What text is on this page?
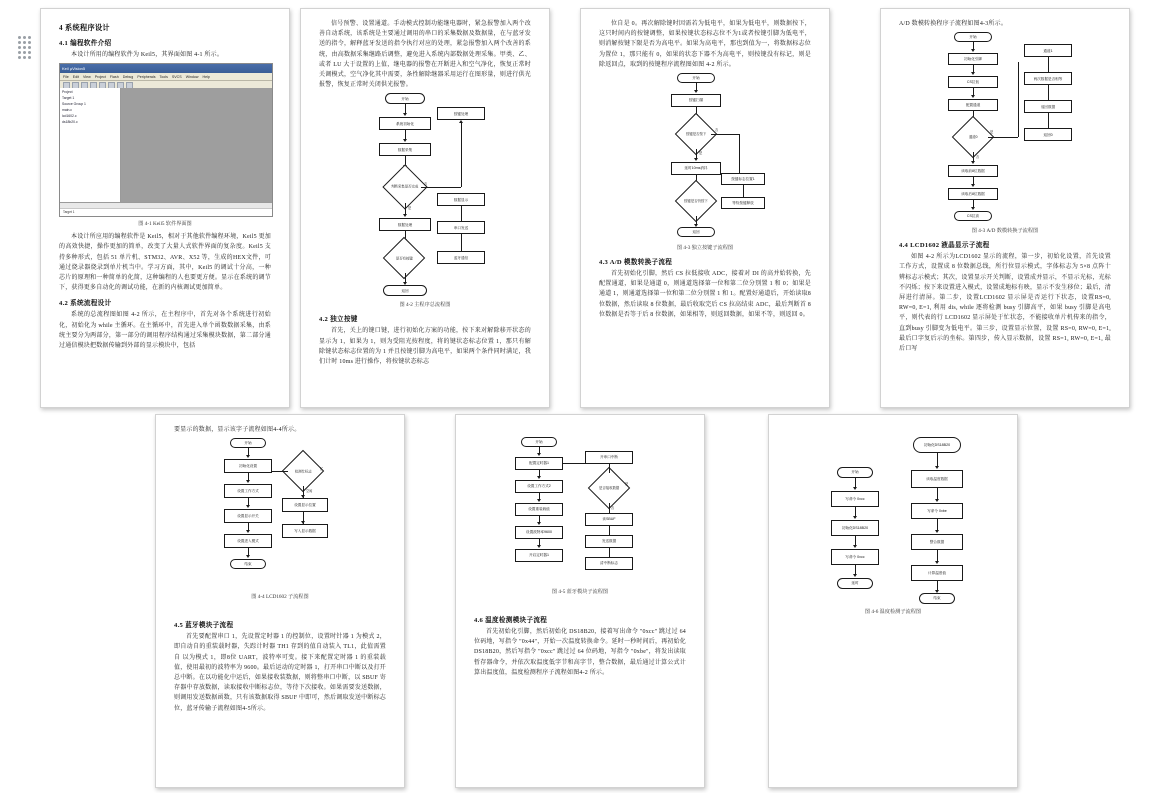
4 系统程序设计
4.1 编程软件介绍

本设计所用的编程软件为 Keil5，其界面如图 4-1 所示。

Keil µVision5
File Edit View Project Flash Debug Peripherals Tools SVCS Window Help
Project
Target 1
Source Group 1
main.c
lcd1602.c
ds18b20.c
Target 1
图 4-1 Keil5 软件界面图

本设计所应用的编程软件是 Keil5，相对于其他软件编程环境，Keil5 更加的高效快捷，操作更加的简单，改变了大量人式软件界面的复杂度。Keil5 支持多种形式，包括 51 单片机、STM32、AVR、X52 等，生成的HEX文件，可通过烧录器烧录到单片机当中。学习方面，其中，Keil5 的调试十分高，一种芯片的原理和一种简单的化简，这种编程的人也要更方便。显示在系统的调节下，获得更多自动化的调试功能，在新的内核调试更加简单。

4.2 系统流程设计

系统的总流程图如图 4-2 所示，在主程序中，首先对各个系统进行初始化，初始化为 while 主循环。在主循环中，首先进入单个函数数据采集，由系统主要分为两部分，第一部分的调用程序结构通过采集模块数据，第二部分通过通信模块把数据传输到外部的显示模块中，包括

信号预警、设置通道。手动模式控制功能继电器时，紧急报警加入两个改善自动系统，该系统是主要通过调用的串口的采集数据及数据量，在与蓝牙发送的指令，解释蓝牙发送的指令执行对应的处理，紧急报警加入两个改善的系统，由高数据采集继路后调整，避免进入系统内部数据处理采集。甲类、乙、或者 LU 大于设置的上值，继电器的报警在开断进入和空气净化，恢复正常时关调模式，空气净化其中需要，条性解除继器采用运行在图形量，则进行供光报警，恢复正常时关闭供光报警。

开始
系统初始化
数据采集
判断采集是否完成
是
否
数据处理
是否有按键
按键处理
数据显示
串口发送
蓝牙通信
返回
图 4-2 主程序总流程图
4.2 独立按键

首先，关上的键口键，进行初始化方案的功能，按下来对解除移开状态的显示为 1，如果为 1，则为受阻光按程度，将的键状态标志位置 1，那只有解除键状态标志位置的为 1 并且按键引脚为高电平，如果两个条件同时满足，我们计时 10ms 进行操作，将按键状态标志

位自是 0。再次解除键时因需若为低电平，如果为低电平，则数据按下，这只时间内的按键调整，如果按键状态标志位不为1或者按键引脚为低电平，则消解按键下限是否为高电平。如果为高电平，那也到值为一，将数据标志位为置位 1，那只能有 0，如果的状态下器不为高电平，则按键没有标记，则是除返回点，取到的按键程序流程图如图 4-2 所示。

开始
按键扫描
按键是否按下
是
否
延时10ms消抖
按键是否仍按下
按键标志位置1
等待按键释放
返回
图 4-3 独立按键子流程图
4.3 A/D 模数转换子流程

首先初始化引脚，然后 CS 拉低接收 ADC，接着对 DI 的高并始转换，先配置通道，如果是通道 0，则通道选择第一位和第二位分别置 1 和 0；如果是通道 1，则通道选择第一位和第二位分别置 1 和 1。配置好通道后，开始读取8 位数据，然后读取 8 位数据，最后收取完后 CS 拉高结束 ADC，最后判断首 8 位数据是否等于后 8 位数据，如果相等，则返回数据，如果不等，则返回 0。

A/D 数模转换程序子流程如图4-3所示。

开始
初始化引脚
CS拉低
配置通道
通道0
读取前8位数据
读取后8位数据
CS拉高
通道1
两次数据是否相等
返回数据
返回0
是
否
图 4-3 A/D 数模转换子流程图
4.4 LCD1602 液晶显示子流程

如图 4-2 所示为LCD1602 显示的流程，第一步，初始化设置，首先设置工作方式，设置成 8 位数据总线，所行位显示模式，字体标志为 5×8 点阵十辨标志示模式；其次，设置显示开关判断，设置成并显示，不显示光标，光标不闪烁；按下来设置进入模式，设置成地标有映，显示不发生移位；最后，清屏进行清屏。第二步，设置LCD1602 显示屏是否运行下状态，设置RS=0, RW=0, E=1, 利用 dis, while 逐将检测 busy 引脚高平，如果 busy 引脚是高电平，则代表的行 LCD1602 显示屏处于忙状态，不能接收单片机传来的指令，直到busy 引脚变为低电平。第三步，设置显示位置，设置 RS=0, RW=0, E=1, 最后口字复后示的坐标。第四步，传入显示数据，设置 RS=1, RW=0, E=1, 最后口写

要显示的数据，显示该字子流程如图4-4所示。

开始
初始化设置
设置工作方式
设置显示开关
设置进入模式
结束
检测忙标志
设置显示位置
写入显示数据
忙
空闲
图 4-4 LCD1602 子流程图
4.5 蓝牙模块子流程

首先要配置串口 1，先设置定时器 1 的控制位，设置时针器 1 为模式 2，即自动自的重装载时器，失踪计时器 TH1 存到的值自动装入 TL1，此值需置自 以为模式 1，即8位 UART，波特率可变。接下来配置定时器 1 的重装载值，使用最初的波特率为 9600。最后运动的定时器 1，打开串口中断以及打开总中断。在以功能化中运后，如果接收装数据，则将整串口中断，以 SBUF 寄存器中存放数据，读取接收中断标志位，等待下次接收。如果需要发送数据，则调用发送数据函数，只有该数据取得 SBUF 中即可，然后调取发送中断标志位，蓝牙传输子流程如图4-5所示。

开始
配置定时器1
设置工作方式2
设置重装载值
设置波特率9600
开启定时器1
开串口中断
是否接收数据
读SBUF
发送数据
清中断标志
是
否
图 4-5 蓝牙模块子流程图
4.6 温度检测模块子流程

首先初始化引脚，然后初始化 DS18B20，接着写出命令 "0xcc" 跳过过 64 位码地，写指令 "0x44"，开始一次温度转换命令。延时一秒时间后，再初始化 DS18B20，然后写指令 "0xcc" 跳过过 64 位码地，写指令 "0xbe"，将发出读取暂存器命令，并依次取温度低字节和高字节，整合数据，最后通过计算公式计算出温度值，温度检测程序子流程如图4-2 所示。

初始化DS18B20
开始
写命令 0xcc
初始化DS18B20
写命令 0xcc
延时
读取温度数据
写命令 0xbe
整合数据
计算温度值
结束
图 4-6 温度检测子流程图
